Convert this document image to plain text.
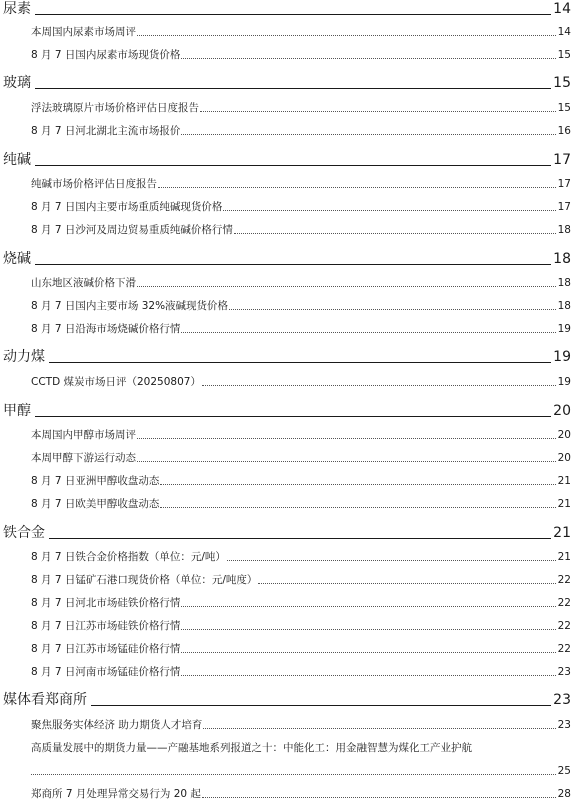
尿素	14
本周国内尿素市场周评	14
8 月 7 日国内尿素市场现货价格	15
玻璃	15
浮法玻璃原片市场价格评估日度报告	15
8 月 7 日河北湖北主流市场报价	16
纯碱	17
纯碱市场价格评估日度报告	17
8 月 7 日国内主要市场重质纯碱现货价格	17
8 月 7 日沙河及周边贸易重质纯碱价格行情	18
烧碱	18
山东地区液碱价格下滑	18
8 月 7 日国内主要市场 32%液碱现货价格	18
8 月 7 日沿海市场烧碱价格行情	19
动力煤	19
CCTD 煤炭市场日评（20250807）	19
甲醇	20
本周国内甲醇市场周评	20
本周甲醇下游运行动态	20
8 月 7 日亚洲甲醇收盘动态	21
8 月 7 日欧美甲醇收盘动态	21
铁合金	21
8 月 7 日铁合金价格指数（单位：元/吨）	21
8 月 7 日锰矿石港口现货价格（单位：元/吨度）	22
8 月 7 日河北市场硅铁价格行情	22
8 月 7 日江苏市场硅铁价格行情	22
8 月 7 日江苏市场锰硅价格行情	22
8 月 7 日河南市场锰硅价格行情	23
媒体看郑商所	23
聚焦服务实体经济 助力期货人才培育	23
高质量发展中的期货力量——产融基地系列报道之十：中能化工：用金融智慧为煤化工产业护航
25
郑商所 7 月处理异常交易行为 20 起	28
